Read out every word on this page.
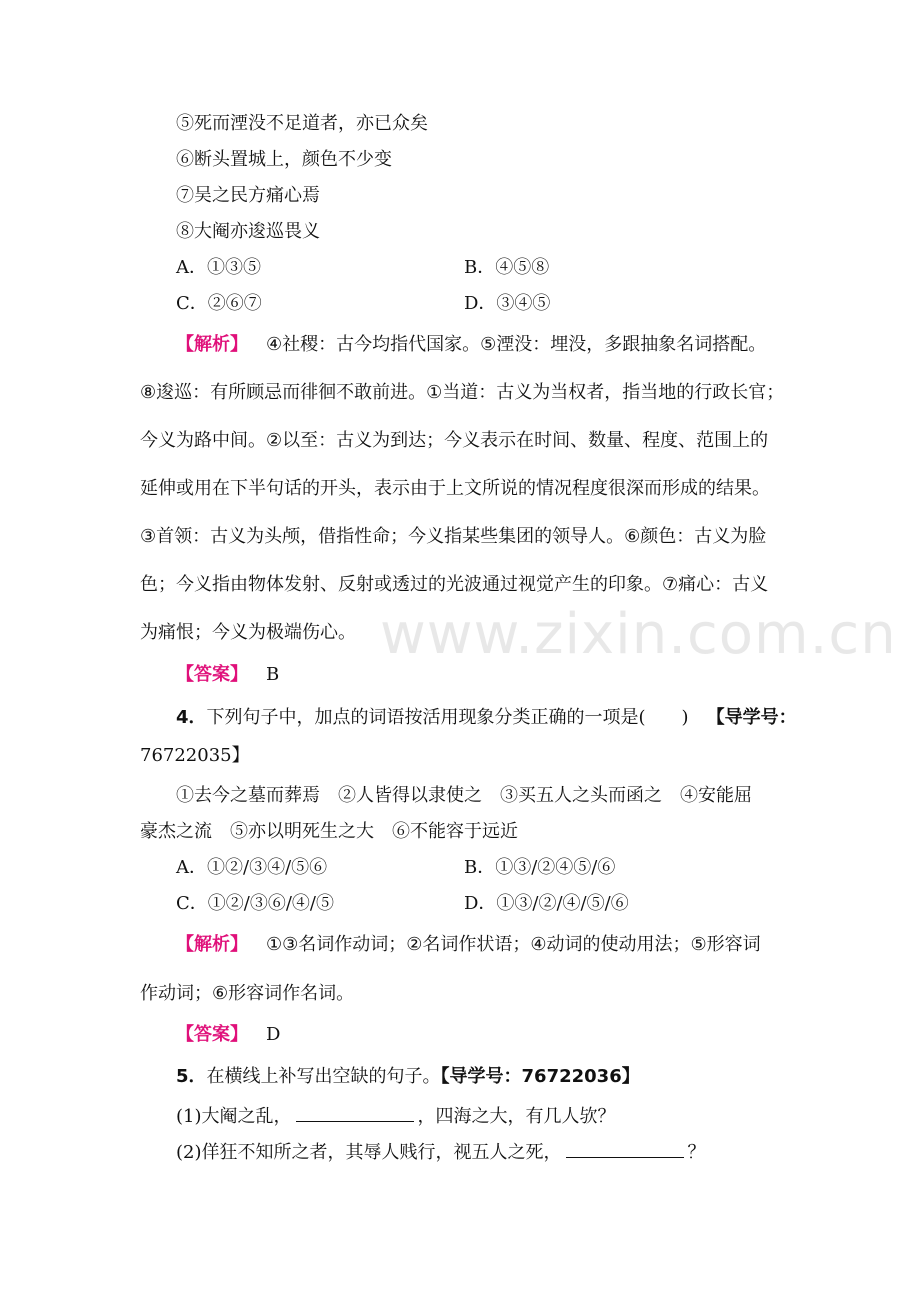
⑤死而湮没不足道者，亦已众矣
⑥断头置城上，颜色不少变
⑦吴之民方痛心焉
⑧大阉亦逡巡畏义
A．①③⑤	B．④⑤⑧
C．②⑥⑦	D．③④⑤
【解析】 ④社稷：古今均指代国家。⑤湮没：埋没，多跟抽象名词搭配。
⑧逡巡：有所顾忌而徘徊不敢前进。①当道：古义为当权者，指当地的行政长官；
今义为路中间。②以至：古义为到达；今义表示在时间、数量、程度、范围上的
延伸或用在下半句话的开头，表示由于上文所说的情况程度很深而形成的结果。
③首领：古义为头颅，借指性命；今义指某些集团的领导人。⑥颜色：古义为脸
色；今义指由物体发射、反射或透过的光波通过视觉产生的印象。⑦痛心：古义
为痛恨；今义为极端伤心。
【答案】 B
4．下列句子中，加点的词语按活用现象分类正确的一项是(　　) 【导学号：
76722035】
①去今之墓而葬焉　②人皆得以隶使之　③买五人之头而函之　④安能屈
豪杰之流　⑤亦以明死生之大　⑥不能容于远近
A．①②/③④/⑤⑥	B．①③/②④⑤/⑥
C．①②/③⑥/④/⑤	D．①③/②/④/⑤/⑥
【解析】 ①③名词作动词；②名词作状语；④动词的使动用法；⑤形容词
作动词；⑥形容词作名词。
【答案】 D
5．在横线上补写出空缺的句子。【导学号：76722036】
(1)大阉之乱，	，四海之大，有几人欤？
(2)佯狂不知所之者，其辱人贱行，视五人之死，	？
www.zixin.com.cn
